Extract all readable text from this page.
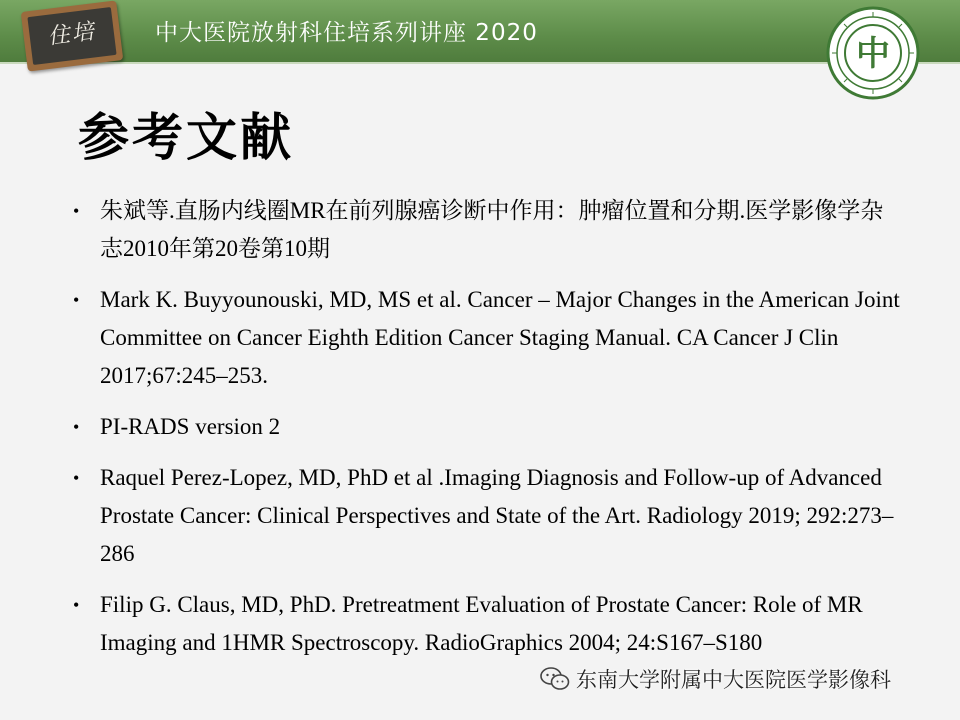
住培	中大医院放射科住培系列讲座 2020
中
参考文献
• 朱斌等.直肠内线圈MR在前列腺癌诊断中作用：肿瘤位置和分期.医学影像学杂志2010年第20卷第10期
• Mark K. Buyyounouski, MD, MS et al. Cancer – Major Changes in the American Joint Committee on Cancer Eighth Edition Cancer Staging Manual. CA Cancer J Clin 2017;67:245–253.
• PI-RADS version 2
• Raquel Perez-Lopez, MD, PhD et al .Imaging Diagnosis and Follow-up of Advanced Prostate Cancer: Clinical Perspectives and State of the Art. Radiology 2019; 292:273–286
• Filip G. Claus, MD, PhD. Pretreatment Evaluation of Prostate Cancer: Role of MR Imaging and 1HMR Spectroscopy. RadioGraphics 2004; 24:S167–S180
东南大学附属中大医院医学影像科
